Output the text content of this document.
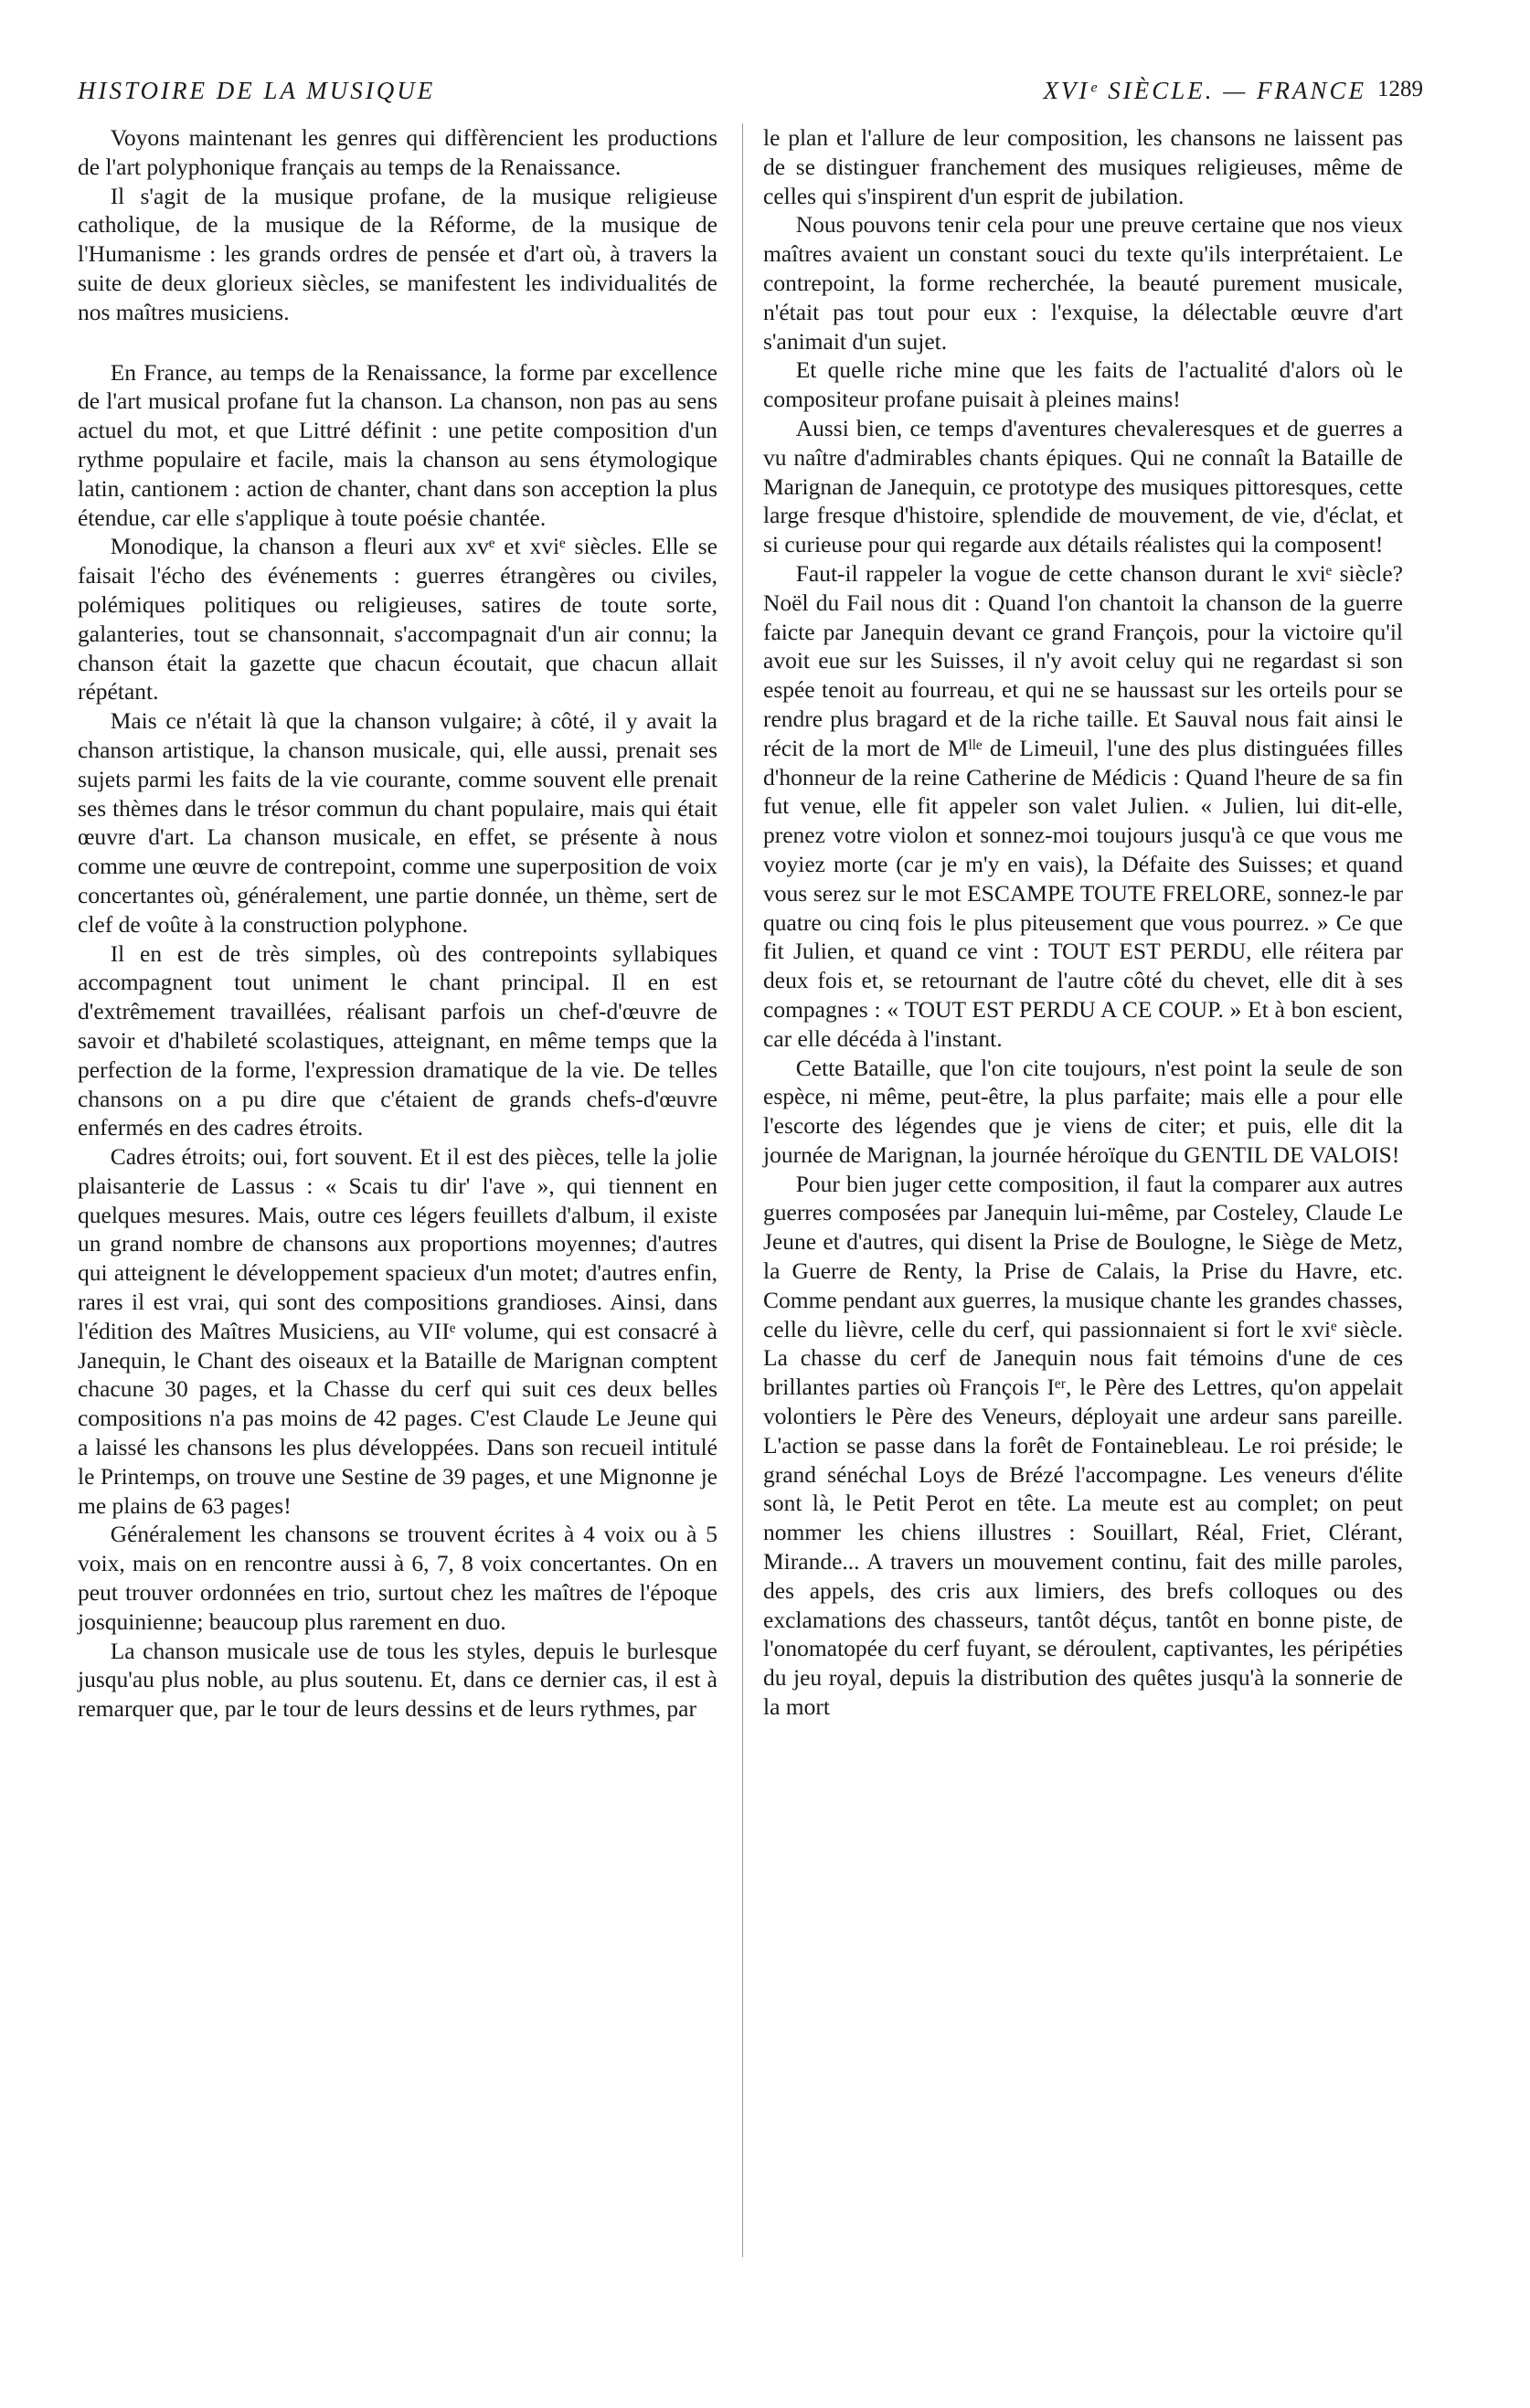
HISTOIRE DE LA MUSIQUE	XVIᵉ SIÈCLE. — FRANCE 1289

Voyons maintenant les genres qui diffèrencient les productions de l'art polyphonique français au temps de la Renaissance.

Il s'agit de la musique profane, de la musique religieuse catholique, de la musique de la Réforme, de la musique de l'Humanisme : les grands ordres de pensée et d'art où, à travers la suite de deux glorieux siècles, se manifestent les individualités de nos maîtres musiciens.

En France, au temps de la Renaissance, la forme par excellence de l'art musical profane fut la chanson. La chanson, non pas au sens actuel du mot, et que Littré définit : une petite composition d'un rythme populaire et facile, mais la chanson au sens étymologique latin, cantionem : action de chanter, chant dans son acception la plus étendue, car elle s'applique à toute poésie chantée.

Monodique, la chanson a fleuri aux xvᵉ et xviᵉ siècles. Elle se faisait l'écho des événements : guerres étrangères ou civiles, polémiques politiques ou religieuses, satires de toute sorte, galanteries, tout se chansonnait, s'accompagnait d'un air connu; la chanson était la gazette que chacun écoutait, que chacun allait répétant.

Mais ce n'était là que la chanson vulgaire; à côté, il y avait la chanson artistique, la chanson musicale, qui, elle aussi, prenait ses sujets parmi les faits de la vie courante, comme souvent elle prenait ses thèmes dans le trésor commun du chant populaire, mais qui était œuvre d'art. La chanson musicale, en effet, se présente à nous comme une œuvre de contrepoint, comme une superposition de voix concertantes où, généralement, une partie donnée, un thème, sert de clef de voûte à la construction polyphone.

Il en est de très simples, où des contrepoints syllabiques accompagnent tout uniment le chant principal. Il en est d'extrêmement travaillées, réalisant parfois un chef-d'œuvre de savoir et d'habileté scolastiques, atteignant, en même temps que la perfection de la forme, l'expression dramatique de la vie. De telles chansons on a pu dire que c'étaient de grands chefs-d'œuvre enfermés en des cadres étroits.

Cadres étroits; oui, fort souvent. Et il est des pièces, telle la jolie plaisanterie de Lassus : « Scais tu dir' l'ave », qui tiennent en quelques mesures. Mais, outre ces légers feuillets d'album, il existe un grand nombre de chansons aux proportions moyennes; d'autres qui atteignent le développement spacieux d'un motet; d'autres enfin, rares il est vrai, qui sont des compositions grandioses. Ainsi, dans l'édition des Maîtres Musiciens, au VIIᵉ volume, qui est consacré à Janequin, le Chant des oiseaux et la Bataille de Marignan comptent chacune 30 pages, et la Chasse du cerf qui suit ces deux belles compositions n'a pas moins de 42 pages. C'est Claude Le Jeune qui a laissé les chansons les plus développées. Dans son recueil intitulé le Printemps, on trouve une Sestine de 39 pages, et une Mignonne je me plains de 63 pages!

Généralement les chansons se trouvent écrites à 4 voix ou à 5 voix, mais on en rencontre aussi à 6, 7, 8 voix concertantes. On en peut trouver ordonnées en trio, surtout chez les maîtres de l'époque josquinienne; beaucoup plus rarement en duo.

La chanson musicale use de tous les styles, depuis le burlesque jusqu'au plus noble, au plus soutenu. Et, dans ce dernier cas, il est à remarquer que, par le tour de leurs dessins et de leurs rythmes, par

le plan et l'allure de leur composition, les chansons ne laissent pas de se distinguer franchement des musiques religieuses, même de celles qui s'inspirent d'un esprit de jubilation.

Nous pouvons tenir cela pour une preuve certaine que nos vieux maîtres avaient un constant souci du texte qu'ils interprétaient. Le contrepoint, la forme recherchée, la beauté purement musicale, n'était pas tout pour eux : l'exquise, la délectable œuvre d'art s'animait d'un sujet.

Et quelle riche mine que les faits de l'actualité d'alors où le compositeur profane puisait à pleines mains!

Aussi bien, ce temps d'aventures chevaleresques et de guerres a vu naître d'admirables chants épiques. Qui ne connaît la Bataille de Marignan de Janequin, ce prototype des musiques pittoresques, cette large fresque d'histoire, splendide de mouvement, de vie, d'éclat, et si curieuse pour qui regarde aux détails réalistes qui la composent!

Faut-il rappeler la vogue de cette chanson durant le xviᵉ siècle? Noël du Fail nous dit : Quand l'on chantoit la chanson de la guerre faicte par Janequin devant ce grand François, pour la victoire qu'il avoit eue sur les Suisses, il n'y avoit celuy qui ne regardast si son espée tenoit au fourreau, et qui ne se haussast sur les orteils pour se rendre plus bragard et de la riche taille. Et Sauval nous fait ainsi le récit de la mort de Mˡˡᵉ de Limeuil, l'une des plus distinguées filles d'honneur de la reine Catherine de Médicis : Quand l'heure de sa fin fut venue, elle fit appeler son valet Julien. « Julien, lui dit-elle, prenez votre violon et sonnez-moi toujours jusqu'à ce que vous me voyiez morte (car je m'y en vais), la Défaite des Suisses; et quand vous serez sur le mot ESCAMPE TOUTE FRELORE, sonnez-le par quatre ou cinq fois le plus piteusement que vous pourrez. » Ce que fit Julien, et quand ce vint : TOUT EST PERDU, elle réitera par deux fois et, se retournant de l'autre côté du chevet, elle dit à ses compagnes : « TOUT EST PERDU A CE COUP. » Et à bon escient, car elle décéda à l'instant.

Cette Bataille, que l'on cite toujours, n'est point la seule de son espèce, ni même, peut-être, la plus parfaite; mais elle a pour elle l'escorte des légendes que je viens de citer; et puis, elle dit la journée de Marignan, la journée héroïque du GENTIL DE VALOIS!

Pour bien juger cette composition, il faut la comparer aux autres guerres composées par Janequin lui-même, par Costeley, Claude Le Jeune et d'autres, qui disent la Prise de Boulogne, le Siège de Metz, la Guerre de Renty, la Prise de Calais, la Prise du Havre, etc. Comme pendant aux guerres, la musique chante les grandes chasses, celle du lièvre, celle du cerf, qui passionnaient si fort le xviᵉ siècle. La chasse du cerf de Janequin nous fait témoins d'une de ces brillantes parties où François Iᵉʳ, le Père des Lettres, qu'on appelait volontiers le Père des Veneurs, déployait une ardeur sans pareille. L'action se passe dans la forêt de Fontainebleau. Le roi préside; le grand sénéchal Loys de Brézé l'accompagne. Les veneurs d'élite sont là, le Petit Perot en tête. La meute est au complet; on peut nommer les chiens illustres : Souillart, Réal, Friet, Clérant, Mirande... A travers un mouvement continu, fait des mille paroles, des appels, des cris aux limiers, des brefs colloques ou des exclamations des chasseurs, tantôt déçus, tantôt en bonne piste, de l'onomatopée du cerf fuyant, se déroulent, captivantes, les péripéties du jeu royal, depuis la distribution des quêtes jusqu'à la sonnerie de la mort
